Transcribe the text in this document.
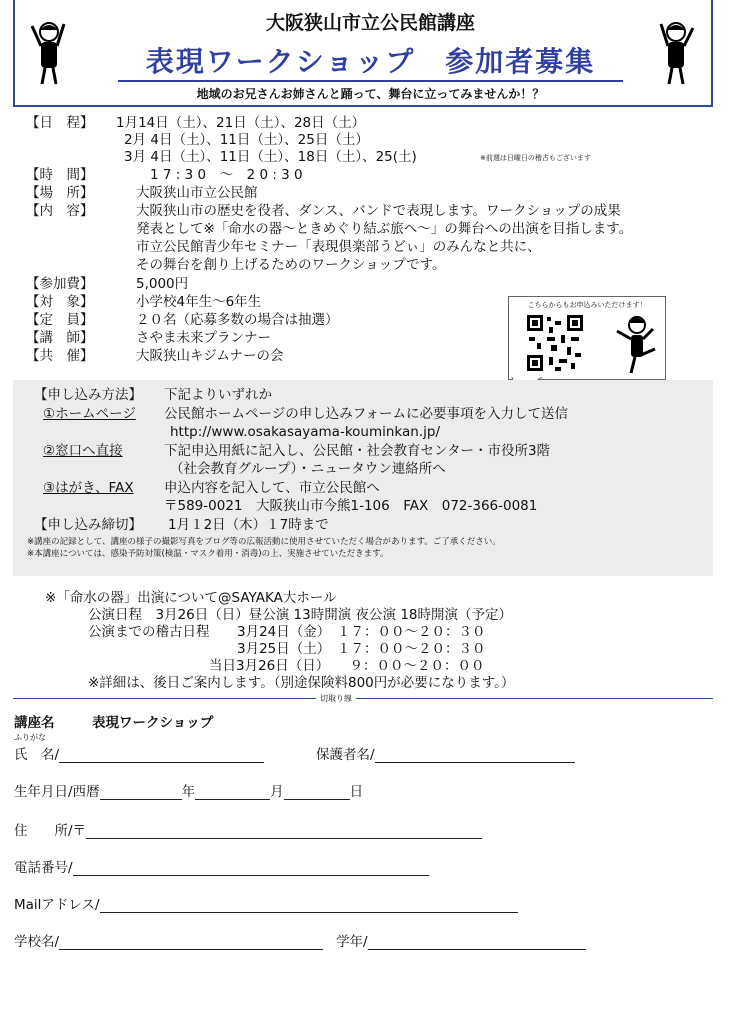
大阪狭山市立公民館講座
表現ワークショップ　参加者募集
地域のお兄さんお姉さんと踊って、舞台に立ってみませんか！？
【日　程】 1月14日（土）、21日（土）、28日（土）
2月 4日（土）、11日（土）、25日（土）
3月 4日（土）、11日（土）、18日（土）、25(土)	※前週は日曜日の稽古もございます
【時　間】	1 7 : 3 0　～　2 0 : 3 0
【場　所】	大阪狭山市立公民館
【内　容】	大阪狭山市の歴史を役者、ダンス、バンドで表現します。ワークショップの成果
発表として※「命水の器～ときめぐり結ぶ旅へ～」の舞台への出演を目指します。
市立公民館青少年セミナー「表現倶楽部うどぃ」のみんなと共に、
その舞台を創り上げるためのワークショップです。
【参加費】	5,000円
【対　象】	小学校4年生～6年生
【定　員】	２０名（応募多数の場合は抽選）
【講　師】	さやま未来プランナー
【共　催】	大阪狭山キジムナーの会
こちらからもお申込みいただけます！
【申し込み方法】 下記よりいずれか
①ホームページ 公民館ホームページの申し込みフォームに必要事項を入力して送信
http://www.osakasayama-kouminkan.jp/
②窓口へ直接	下記申込用紙に記入し、公民館・社会教育センター・市役所3階
（社会教育グループ）・ニュータウン連絡所へ
③はがき、FAX 申込内容を記入して、市立公民館へ
〒589-0021　大阪狭山市今熊1-106　FAX　072-366-0081
【申し込み締切】 1月１2日（木）１7時まで
※講座の記録として、講座の様子の撮影写真をブログ等の広報活動に使用させていただく場合があります。ご了承ください。
※本講座については、感染予防対策(検温・マスク着用・消毒)の上、実施させていただきます。
※「命水の器」出演について@SAYAKA大ホール
公演日程　3月26日（日）昼公演 13時開演 夜公演 18時開演（予定）
公演までの稽古日程 3月24日（金）　１７：００～２０：３０
3月25日（土）　１７：００～２０：３０
当日3月26日（日）　　９：００～２０：００
※詳細は、後日ご案内します。（別途保険料800円が必要になります。）
切取り線
講座名	表現ワークショップ
ふりがな
氏　名/	保護者名/
生年月日/西暦	年	月	日
住　　所/〒
電話番号/
Mailアドレス/
学校名/	学年/
